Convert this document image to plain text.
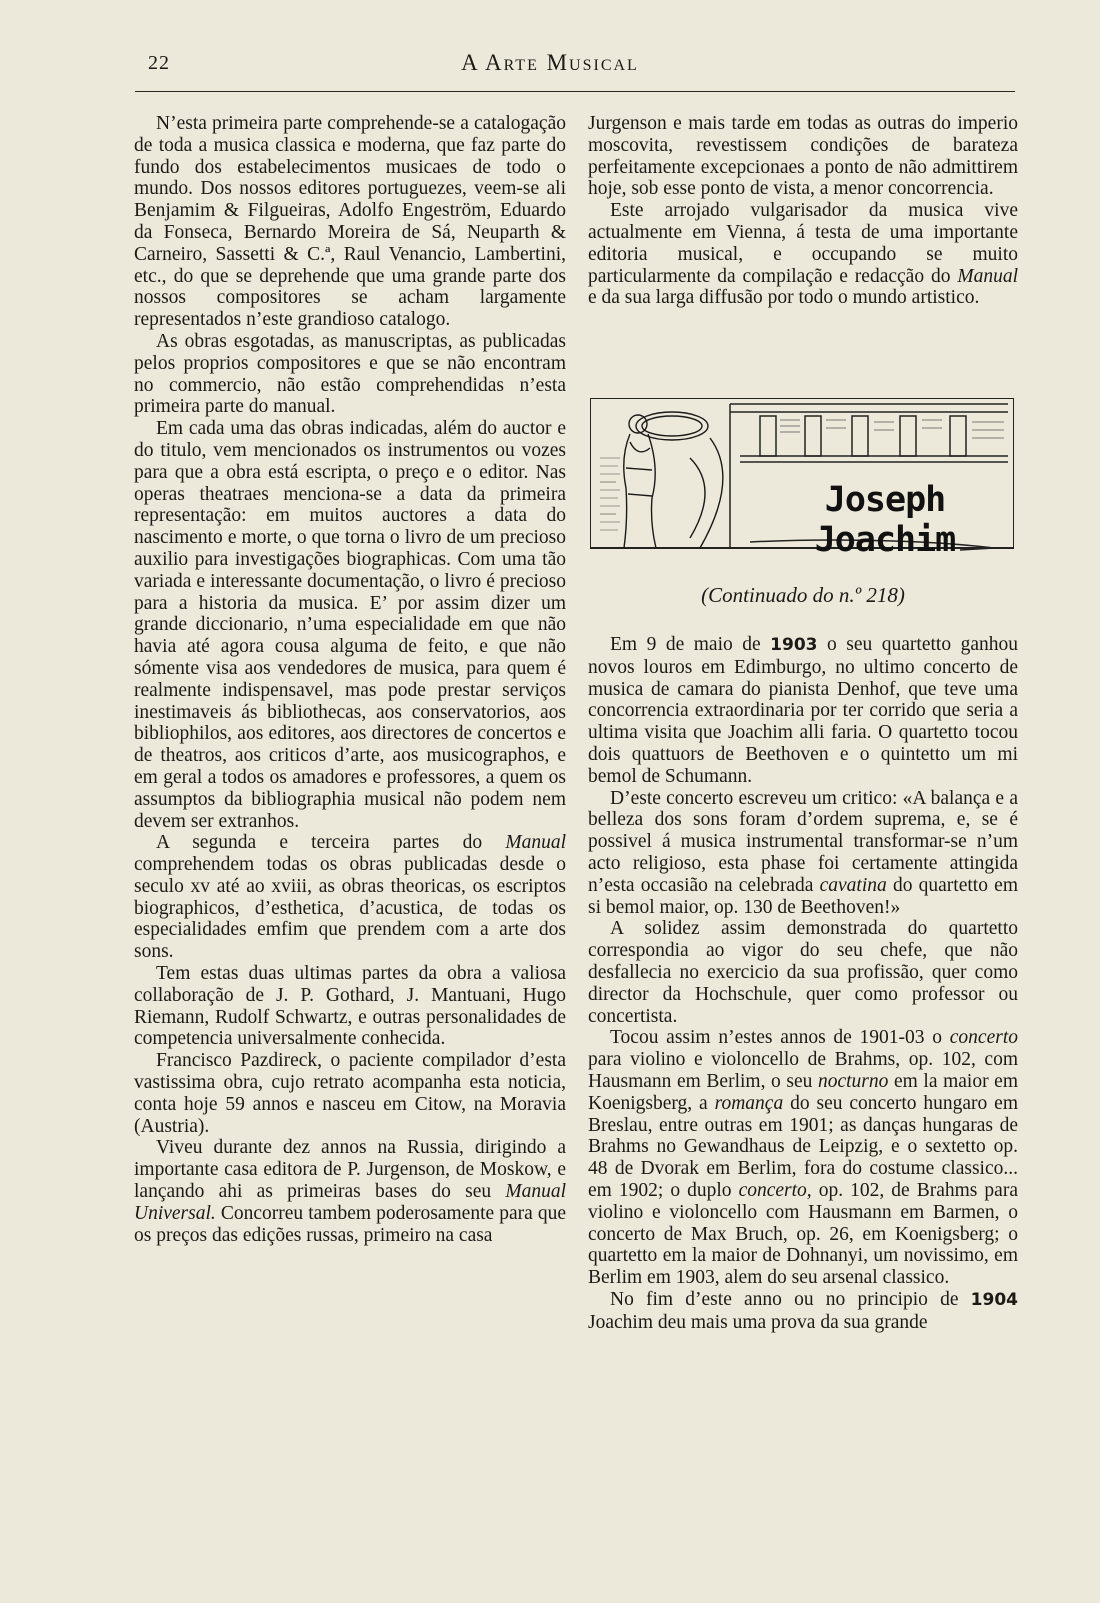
22	A Arte Musical

N’esta primeira parte comprehende-se a catalogação de toda a musica classica e moderna, que faz parte do fundo dos estabelecimentos musicaes de todo o mundo. Dos nossos editores portuguezes, veem-se ali Benjamim & Filgueiras, Adolfo Engeström, Eduardo da Fonseca, Bernardo Moreira de Sá, Neuparth & Carneiro, Sassetti & C.ª, Raul Venancio, Lambertini, etc., do que se deprehende que uma grande parte dos nossos compositores se acham largamente representados n’este grandioso catalogo.

As obras esgotadas, as manuscriptas, as publicadas pelos proprios compositores e que se não encontram no commercio, não estão comprehendidas n’esta primeira parte do manual.

Em cada uma das obras indicadas, além do auctor e do titulo, vem mencionados os instrumentos ou vozes para que a obra está escripta, o preço e o editor. Nas operas theatraes menciona-se a data da primeira representação: em muitos auctores a data do nascimento e morte, o que torna o livro de um precioso auxilio para investigações biographicas. Com uma tão variada e interessante documentação, o livro é precioso para a historia da musica. E’ por assim dizer um grande diccionario, n’uma especialidade em que não havia até agora cousa alguma de feito, e que não sómente visa aos vendedores de musica, para quem é realmente indispensavel, mas pode prestar serviços inestimaveis ás bibliothecas, aos conservatorios, aos bibliophilos, aos editores, aos directores de concertos e de theatros, aos criticos d’arte, aos musicographos, e em geral a todos os amadores e professores, a quem os assumptos da bibliographia musical não podem nem devem ser extranhos.

A segunda e terceira partes do Manual comprehendem todas os obras publicadas desde o seculo xv até ao xviii, as obras theoricas, os escriptos biographicos, d’esthetica, d’acustica, de todas os especialidades emfim que prendem com a arte dos sons.

Tem estas duas ultimas partes da obra a valiosa collaboração de J. P. Gothard, J. Mantuani, Hugo Riemann, Rudolf Schwartz, e outras personalidades de competencia universalmente conhecida.

Francisco Pazdireck, o paciente compilador d’esta vastissima obra, cujo retrato acompanha esta noticia, conta hoje 59 annos e nasceu em Citow, na Moravia (Austria).

Viveu durante dez annos na Russia, dirigindo a importante casa editora de P. Jurgenson, de Moskow, e lançando ahi as primeiras bases do seu Manual Universal. Concorreu tambem poderosamente para que os preços das edições russas, primeiro na casa

Jurgenson e mais tarde em todas as outras do imperio moscovita, revestissem condições de barateza perfeitamente excepcionaes a ponto de não admittirem hoje, sob esse ponto de vista, a menor concorrencia.

Este arrojado vulgarisador da musica vive actualmente em Vienna, á testa de uma importante editoria musical, e occupando se muito particularmente da compilação e redacção do Manual e da sua larga diffusão por todo o mundo artistico.

Joseph Joachim
(Continuado do n.º 218)

Em 9 de maio de 1903 o seu quartetto ganhou novos louros em Edimburgo, no ultimo concerto de musica de camara do pianista Denhof, que teve uma concorrencia extraordinaria por ter corrido que seria a ultima visita que Joachim alli faria. O quartetto tocou dois quattuors de Beethoven e o quintetto um mi bemol de Schumann.

D’este concerto escreveu um critico: «A balança e a belleza dos sons foram d’ordem suprema, e, se é possivel á musica instrumental transformar-se n’um acto religioso, esta phase foi certamente attingida n’esta occasião na celebrada cavatina do quartetto em si bemol maior, op. 130 de Beethoven!»

A solidez assim demonstrada do quartetto correspondia ao vigor do seu chefe, que não desfallecia no exercicio da sua profissão, quer como director da Hochschule, quer como professor ou concertista.

Tocou assim n’estes annos de 1901-03 o concerto para violino e violoncello de Brahms, op. 102, com Hausmann em Berlim, o seu nocturno em la maior em Koenigsberg, a romança do seu concerto hungaro em Breslau, entre outras em 1901; as danças hungaras de Brahms no Gewandhaus de Leipzig, e o sextetto op. 48 de Dvorak em Berlim, fora do costume classico... em 1902; o duplo concerto, op. 102, de Brahms para violino e violoncello com Hausmann em Barmen, o concerto de Max Bruch, op. 26, em Koenigsberg; o quartetto em la maior de Dohnanyi, um novissimo, em Berlim em 1903, alem do seu arsenal classico.

No fim d’este anno ou no principio de 1904 Joachim deu mais uma prova da sua grande
